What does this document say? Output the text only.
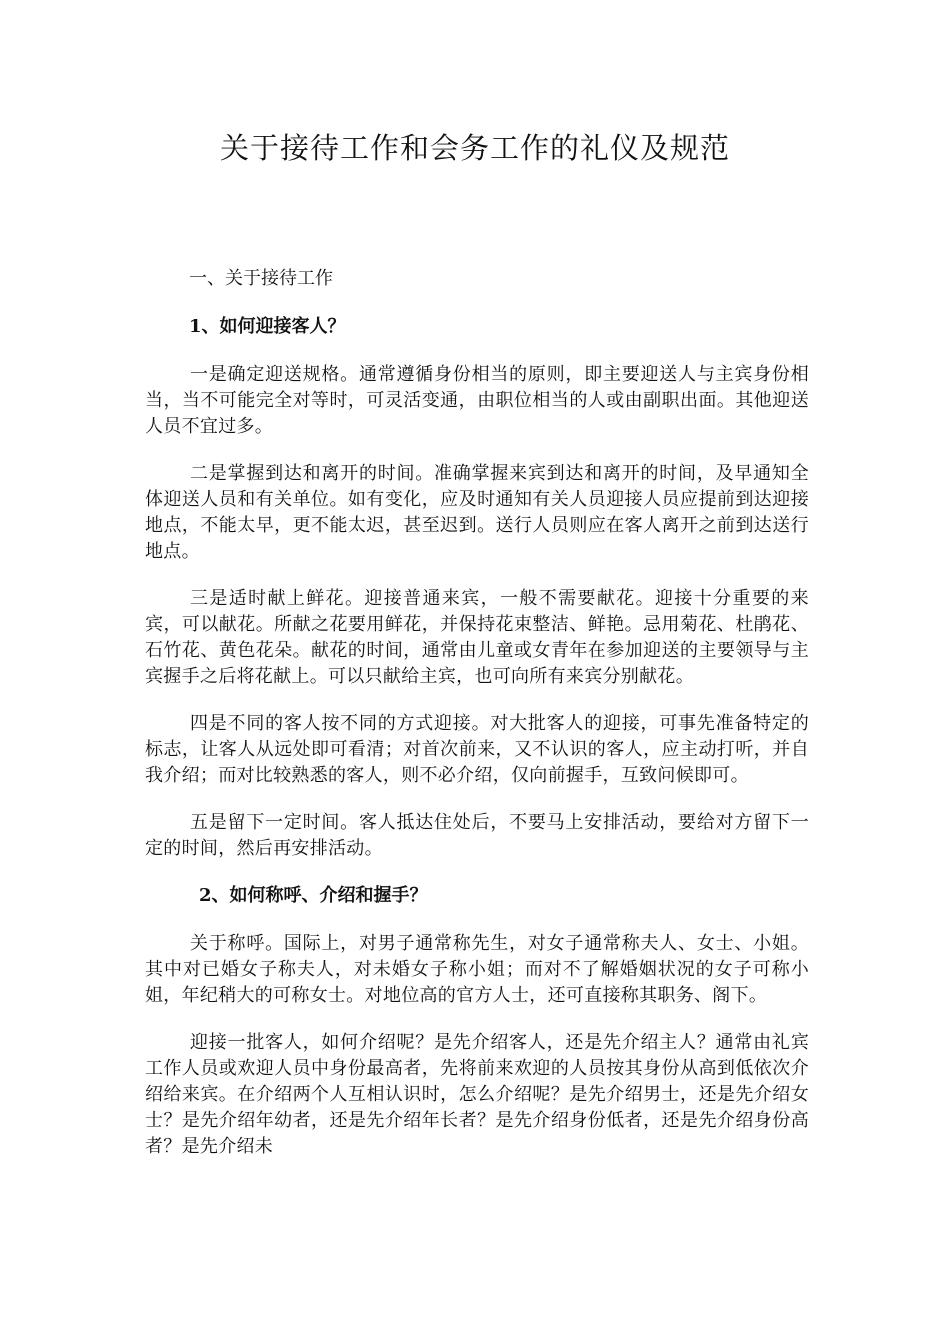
关于接待工作和会务工作的礼仪及规范

一、关于接待工作

1、如何迎接客人？

一是确定迎送规格。通常遵循身份相当的原则，即主要迎送人与主宾身份相当，当不可能完全对等时，可灵活变通，由职位相当的人或由副职出面。其他迎送人员不宜过多。

二是掌握到达和离开的时间。准确掌握来宾到达和离开的时间，及早通知全体迎送人员和有关单位。如有变化，应及时通知有关人员迎接人员应提前到达迎接地点，不能太早，更不能太迟，甚至迟到。送行人员则应在客人离开之前到达送行地点。

三是适时献上鲜花。迎接普通来宾，一般不需要献花。迎接十分重要的来宾，可以献花。所献之花要用鲜花，并保持花束整洁、鲜艳。忌用菊花、杜鹃花、石竹花、黄色花朵。献花的时间，通常由儿童或女青年在参加迎送的主要领导与主宾握手之后将花献上。可以只献给主宾，也可向所有来宾分别献花。

四是不同的客人按不同的方式迎接。对大批客人的迎接，可事先准备特定的标志，让客人从远处即可看清；对首次前来，又不认识的客人，应主动打听，并自我介绍；而对比较熟悉的客人，则不必介绍，仅向前握手，互致问候即可。

五是留下一定时间。客人抵达住处后，不要马上安排活动，要给对方留下一定的时间，然后再安排活动。

2、如何称呼、介绍和握手？

关于称呼。国际上，对男子通常称先生，对女子通常称夫人、女士、小姐。其中对已婚女子称夫人，对未婚女子称小姐；而对不了解婚姻状况的女子可称小姐，年纪稍大的可称女士。对地位高的官方人士，还可直接称其职务、阁下。

迎接一批客人，如何介绍呢？是先介绍客人，还是先介绍主人？通常由礼宾工作人员或欢迎人员中身份最高者，先将前来欢迎的人员按其身份从高到低依次介绍给来宾。在介绍两个人互相认识时，怎么介绍呢？是先介绍男士，还是先介绍女士？是先介绍年幼者，还是先介绍年长者？是先介绍身份低者，还是先介绍身份高者？是先介绍未
